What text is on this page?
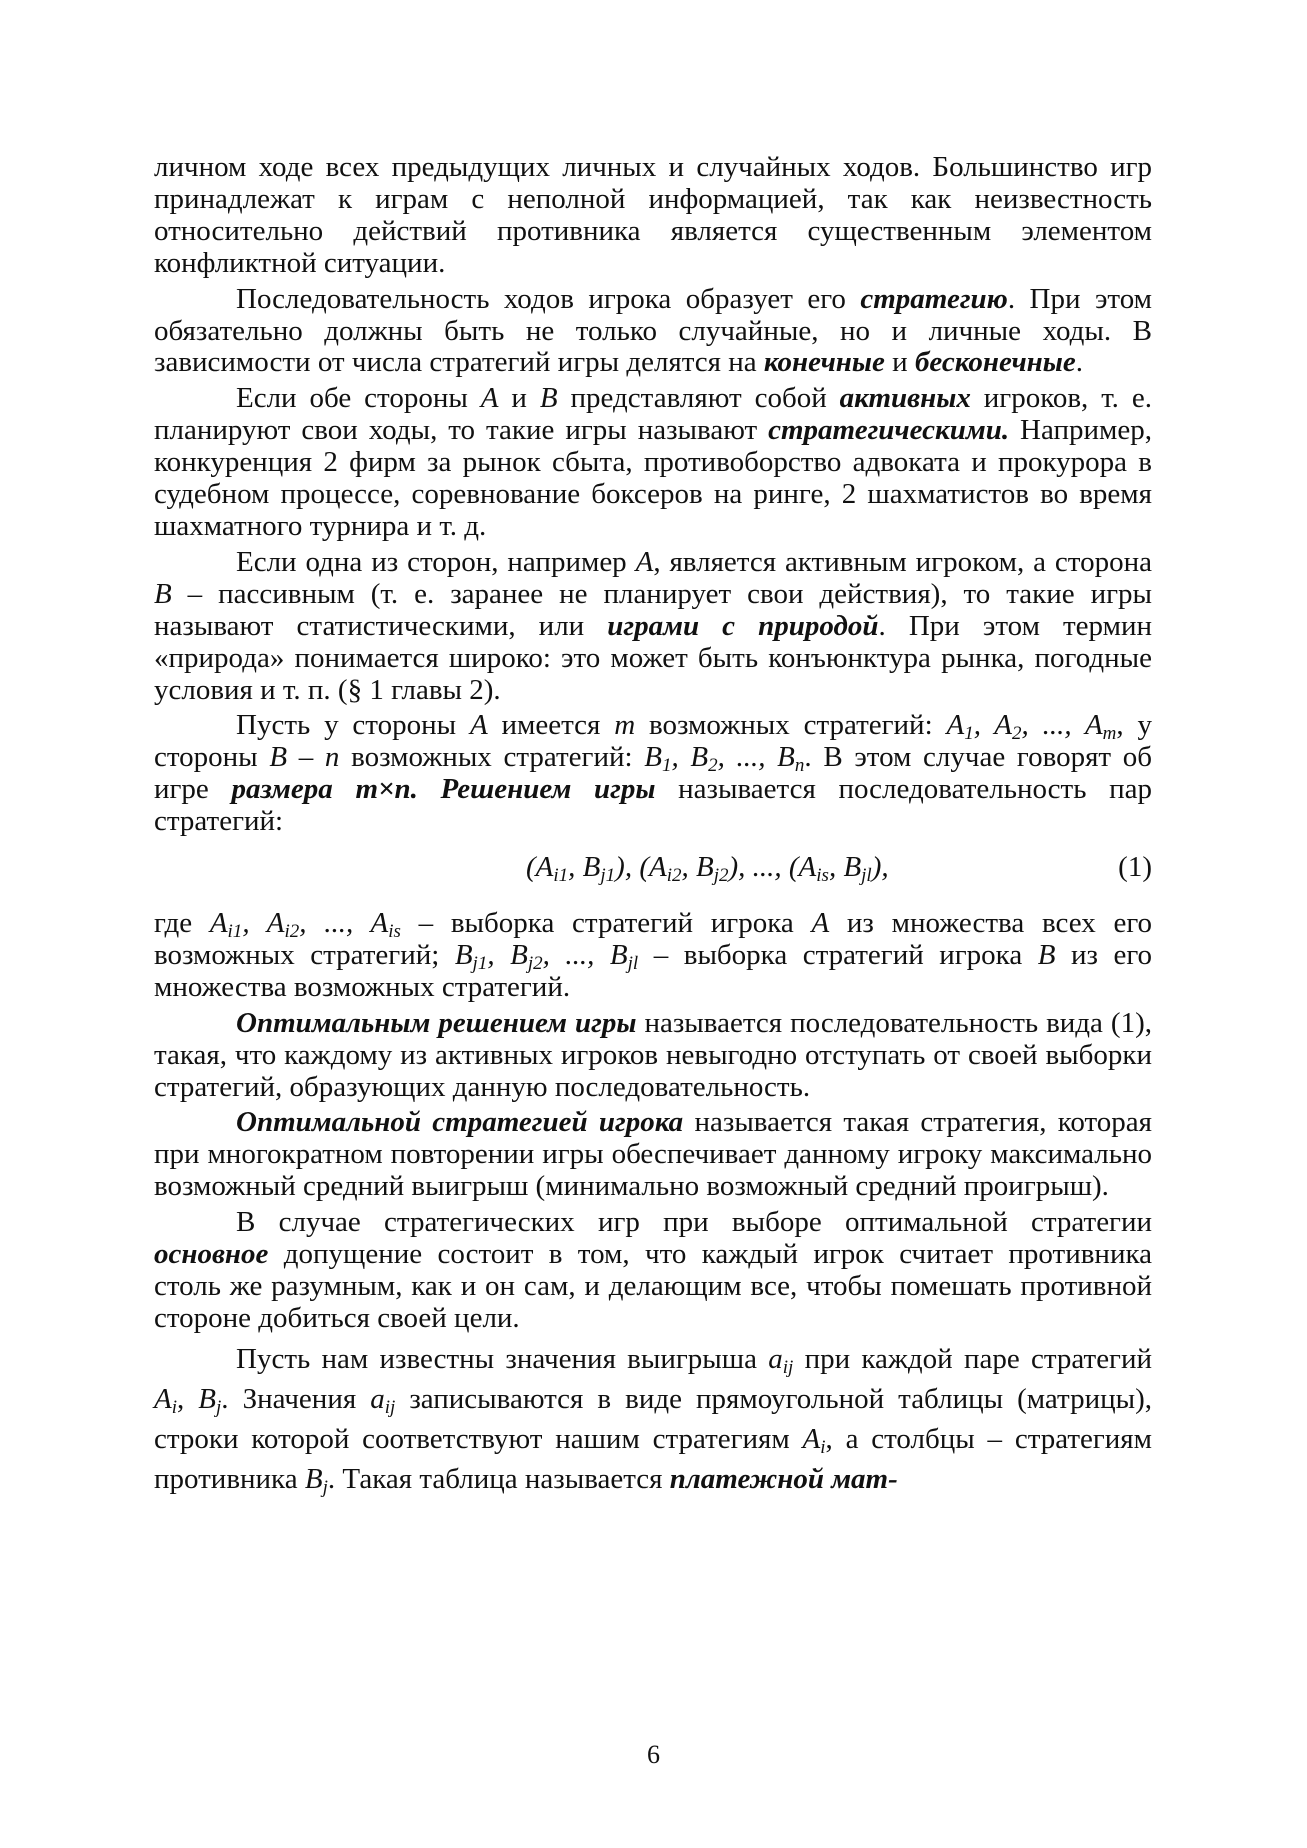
личном ходе всех предыдущих личных и случайных ходов. Большинство игр принадлежат к играм с неполной информацией, так как неизвестность относительно действий противника является существенным элементом конфликтной ситуации.

Последовательность ходов игрока образует его стратегию. При этом обязательно должны быть не только случайные, но и личные ходы. В зависимости от числа стратегий игры делятся на конечные и бесконечные.

Если обе стороны A и B представляют собой активных игроков, т. е. планируют свои ходы, то такие игры называют стратегическими. Например, конкуренция 2 фирм за рынок сбыта, противоборство адвоката и прокурора в судебном процессе, соревнование боксеров на ринге, 2 шахматистов во время шахматного турнира и т. д.

Если одна из сторон, например A, является активным игроком, а сторона B – пассивным (т. е. заранее не планирует свои действия), то такие игры называют статистическими, или играми с природой. При этом термин «природа» понимается широко: это может быть конъюнктура рынка, погодные условия и т. п. (§ 1 главы 2).

Пусть у стороны A имеется m возможных стратегий: $A_1$, $A_2$, ..., $A_m$, у стороны B – n возможных стратегий: $B_1$, $B_2$, ..., $B_n$. В этом случае говорят об игре размера m×n. Решением игры называется последовательность пар стратегий:

($A_{i1}$, $B_{j1}$), ($A_{i2}$, $B_{j2}$), ..., ($A_{is}$, $B_{jl}$),	(1)

где $A_{i1}$, $A_{i2}$, ..., $A_{is}$ – выборка стратегий игрока A из множества всех его возможных стратегий; $B_{j1}$, $B_{j2}$, ..., $B_{jl}$ – выборка стратегий игрока B из его множества возможных стратегий.

Оптимальным решением игры называется последовательность вида (1), такая, что каждому из активных игроков невыгодно отступать от своей выборки стратегий, образующих данную последовательность.

Оптимальной стратегией игрока называется такая стратегия, которая при многократном повторении игры обеспечивает данному игроку максимально возможный средний выигрыш (минимально возможный средний проигрыш).

В случае стратегических игр при выборе оптимальной стратегии основное допущение состоит в том, что каждый игрок считает противника столь же разумным, как и он сам, и делающим все, чтобы помешать противной стороне добиться своей цели.

Пусть нам известны значения выигрыша $a_{ij}$ при каждой паре стратегий $A_i$, $B_j$. Значения $a_{ij}$ записываются в виде прямоугольной таблицы (матрицы), строки которой соответствуют нашим стратегиям $A_i$, а столбцы – стратегиям противника $B_j$. Такая таблица называется платежной мат-

6
